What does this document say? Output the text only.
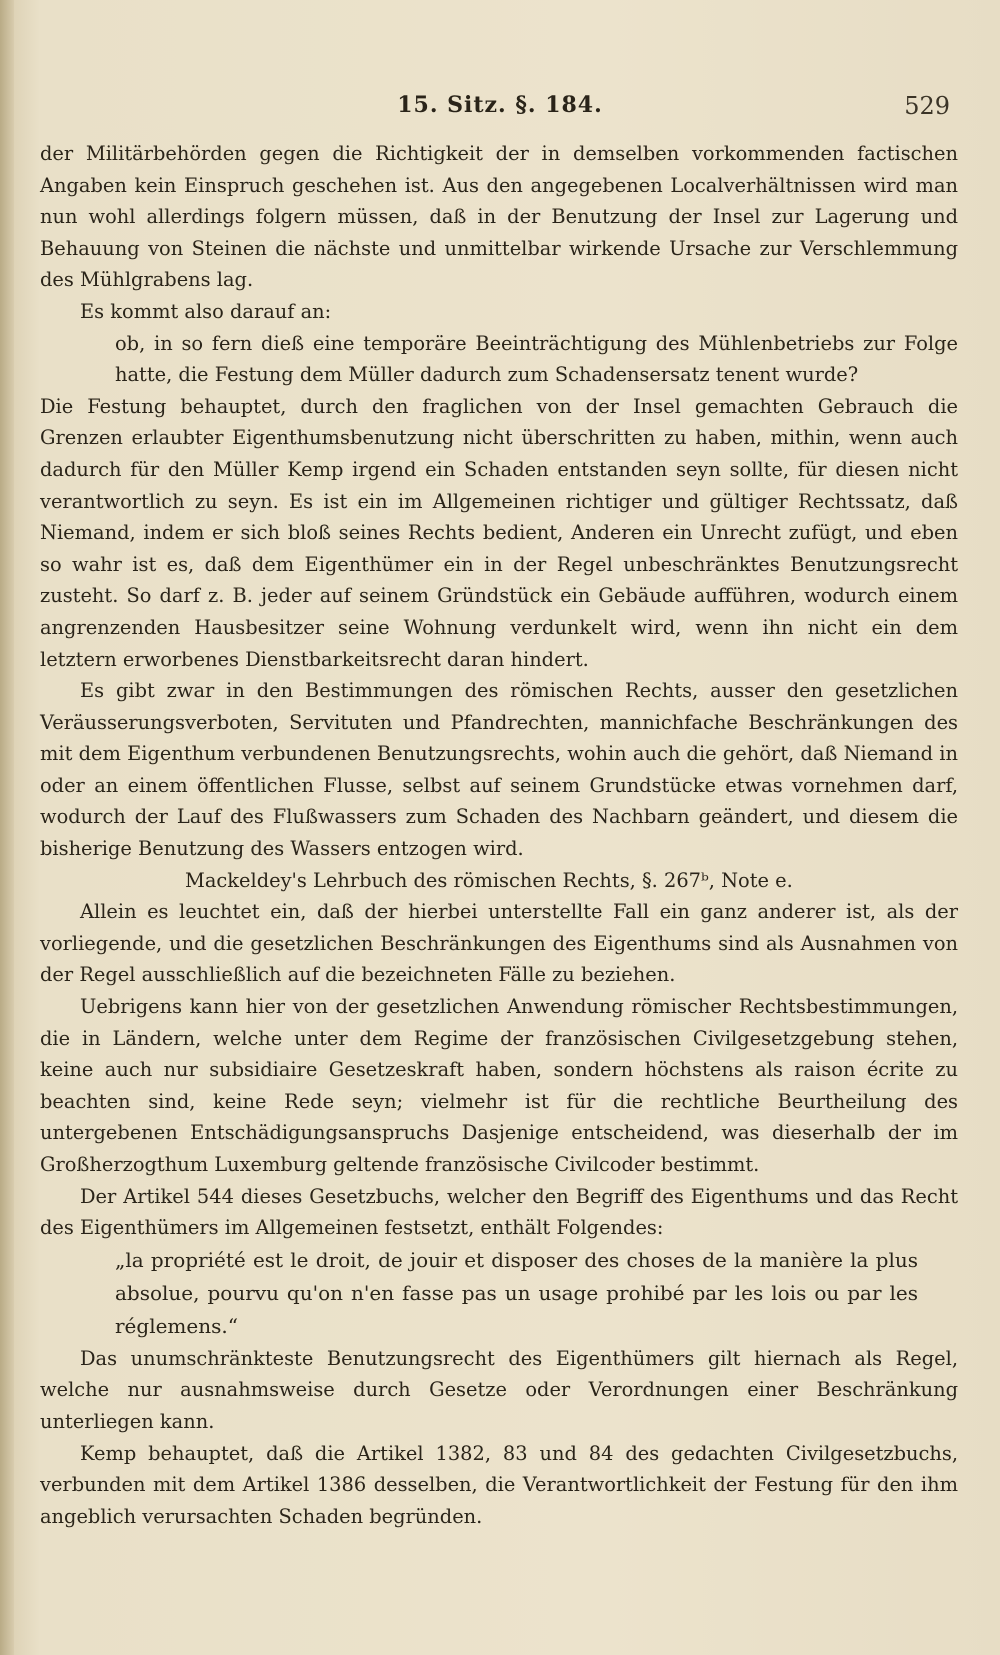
15. Sitz. §. 184.	529

der Militärbehörden gegen die Richtigkeit der in demselben vorkommenden factischen Angaben kein Einspruch geschehen ist. Aus den angegebenen Localverhältnissen wird man nun wohl allerdings folgern müssen, daß in der Benutzung der Insel zur Lagerung und Behauung von Steinen die nächste und unmittelbar wirkende Ursache zur Verschlemmung des Mühlgrabens lag.

Es kommt also darauf an:

ob, in so fern dieß eine temporäre Beeinträchtigung des Mühlenbetriebs zur Folge hatte, die Festung dem Müller dadurch zum Schadensersatz tenent wurde?

Die Festung behauptet, durch den fraglichen von der Insel gemachten Gebrauch die Grenzen erlaubter Eigenthumsbenutzung nicht überschritten zu haben, mithin, wenn auch dadurch für den Müller Kemp irgend ein Schaden entstanden seyn sollte, für diesen nicht verantwortlich zu seyn. Es ist ein im Allgemeinen richtiger und gültiger Rechtssatz, daß Niemand, indem er sich bloß seines Rechts bedient, Anderen ein Unrecht zufügt, und eben so wahr ist es, daß dem Eigenthümer ein in der Regel unbeschränktes Benutzungsrecht zusteht. So darf z. B. jeder auf seinem Gründstück ein Gebäude aufführen, wodurch einem angrenzenden Hausbesitzer seine Wohnung verdunkelt wird, wenn ihn nicht ein dem letztern erworbenes Dienstbarkeitsrecht daran hindert.

Es gibt zwar in den Bestimmungen des römischen Rechts, ausser den gesetzlichen Veräusserungsverboten, Servituten und Pfandrechten, mannichfache Beschränkungen des mit dem Eigenthum verbundenen Benutzungsrechts, wohin auch die gehört, daß Niemand in oder an einem öffentlichen Flusse, selbst auf seinem Grundstücke etwas vornehmen darf, wodurch der Lauf des Flußwassers zum Schaden des Nachbarn geändert, und diesem die bisherige Benutzung des Wassers entzogen wird.

Mackeldey's Lehrbuch des römischen Rechts, §. 267ᵇ, Note e.

Allein es leuchtet ein, daß der hierbei unterstellte Fall ein ganz anderer ist, als der vorliegende, und die gesetzlichen Beschränkungen des Eigenthums sind als Ausnahmen von der Regel ausschließlich auf die bezeichneten Fälle zu beziehen.

Uebrigens kann hier von der gesetzlichen Anwendung römischer Rechtsbestimmungen, die in Ländern, welche unter dem Regime der französischen Civilgesetzgebung stehen, keine auch nur subsidiaire Gesetzeskraft haben, sondern höchstens als raison écrite zu beachten sind, keine Rede seyn; vielmehr ist für die rechtliche Beurtheilung des untergebenen Entschädigungsanspruchs Dasjenige entscheidend, was dieserhalb der im Großherzogthum Luxemburg geltende französische Civilcoder bestimmt.

Der Artikel 544 dieses Gesetzbuchs, welcher den Begriff des Eigenthums und das Recht des Eigenthümers im Allgemeinen festsetzt, enthält Folgendes:

„la propriété est le droit, de jouir et disposer des choses de la manière la plus absolue, pourvu qu'on n'en fasse pas un usage prohibé par les lois ou par les réglemens.“

Das unumschränkteste Benutzungsrecht des Eigenthümers gilt hiernach als Regel, welche nur ausnahmsweise durch Gesetze oder Verordnungen einer Beschränkung unterliegen kann.

Kemp behauptet, daß die Artikel 1382, 83 und 84 des gedachten Civilgesetzbuchs, verbunden mit dem Artikel 1386 desselben, die Verantwortlichkeit der Festung für den ihm angeblich verursachten Schaden begründen.
